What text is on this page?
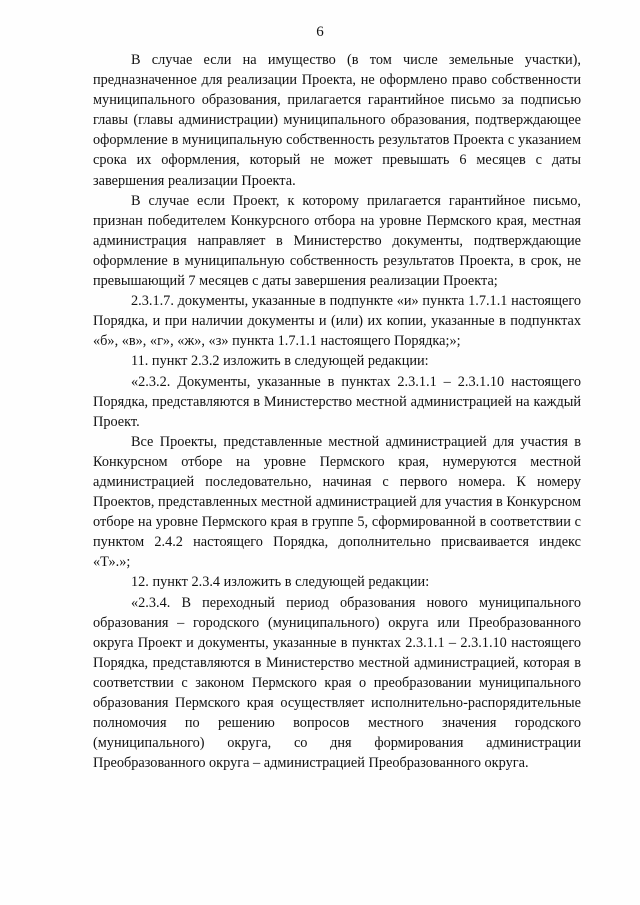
6

В случае если на имущество (в том числе земельные участки), предназначенное для реализации Проекта, не оформлено право собственности муниципального образования, прилагается гарантийное письмо за подписью главы (главы администрации) муниципального образования, подтверждающее оформление в муниципальную собственность результатов Проекта с указанием срока их оформления, который не может превышать 6 месяцев с даты завершения реализации Проекта.

В случае если Проект, к которому прилагается гарантийное письмо, признан победителем Конкурсного отбора на уровне Пермского края, местная администрация направляет в Министерство документы, подтверждающие оформление в муниципальную собственность результатов Проекта, в срок, не превышающий 7 месяцев с даты завершения реализации Проекта;

2.3.1.7. документы, указанные в подпункте «и» пункта 1.7.1.1 настоящего Порядка, и при наличии документы и (или) их копии, указанные в подпунктах «б», «в», «г», «ж», «з» пункта 1.7.1.1 настоящего Порядка;»;

11. пункт 2.3.2 изложить в следующей редакции:

«2.3.2. Документы, указанные в пунктах 2.3.1.1 – 2.3.1.10 настоящего Порядка, представляются в Министерство местной администрацией на каждый Проект.

Все Проекты, представленные местной администрацией для участия в Конкурсном отборе на уровне Пермского края, нумеруются местной администрацией последовательно, начиная с первого номера. К номеру Проектов, представленных местной администрацией для участия в Конкурсном отборе на уровне Пермского края в группе 5, сформированной в соответствии с пунктом 2.4.2 настоящего Порядка, дополнительно присваивается индекс «Т».»;

12. пункт 2.3.4 изложить в следующей редакции:

«2.3.4. В переходный период образования нового муниципального образования – городского (муниципального) округа или Преобразованного округа Проект и документы, указанные в пунктах 2.3.1.1 – 2.3.1.10 настоящего Порядка, представляются в Министерство местной администрацией, которая в соответствии с законом Пермского края о преобразовании муниципального образования Пермского края осуществляет исполнительно-распорядительные полномочия по решению вопросов местного значения городского (муниципального) округа, со дня формирования администрации Преобразованного округа – администрацией Преобразованного округа.
